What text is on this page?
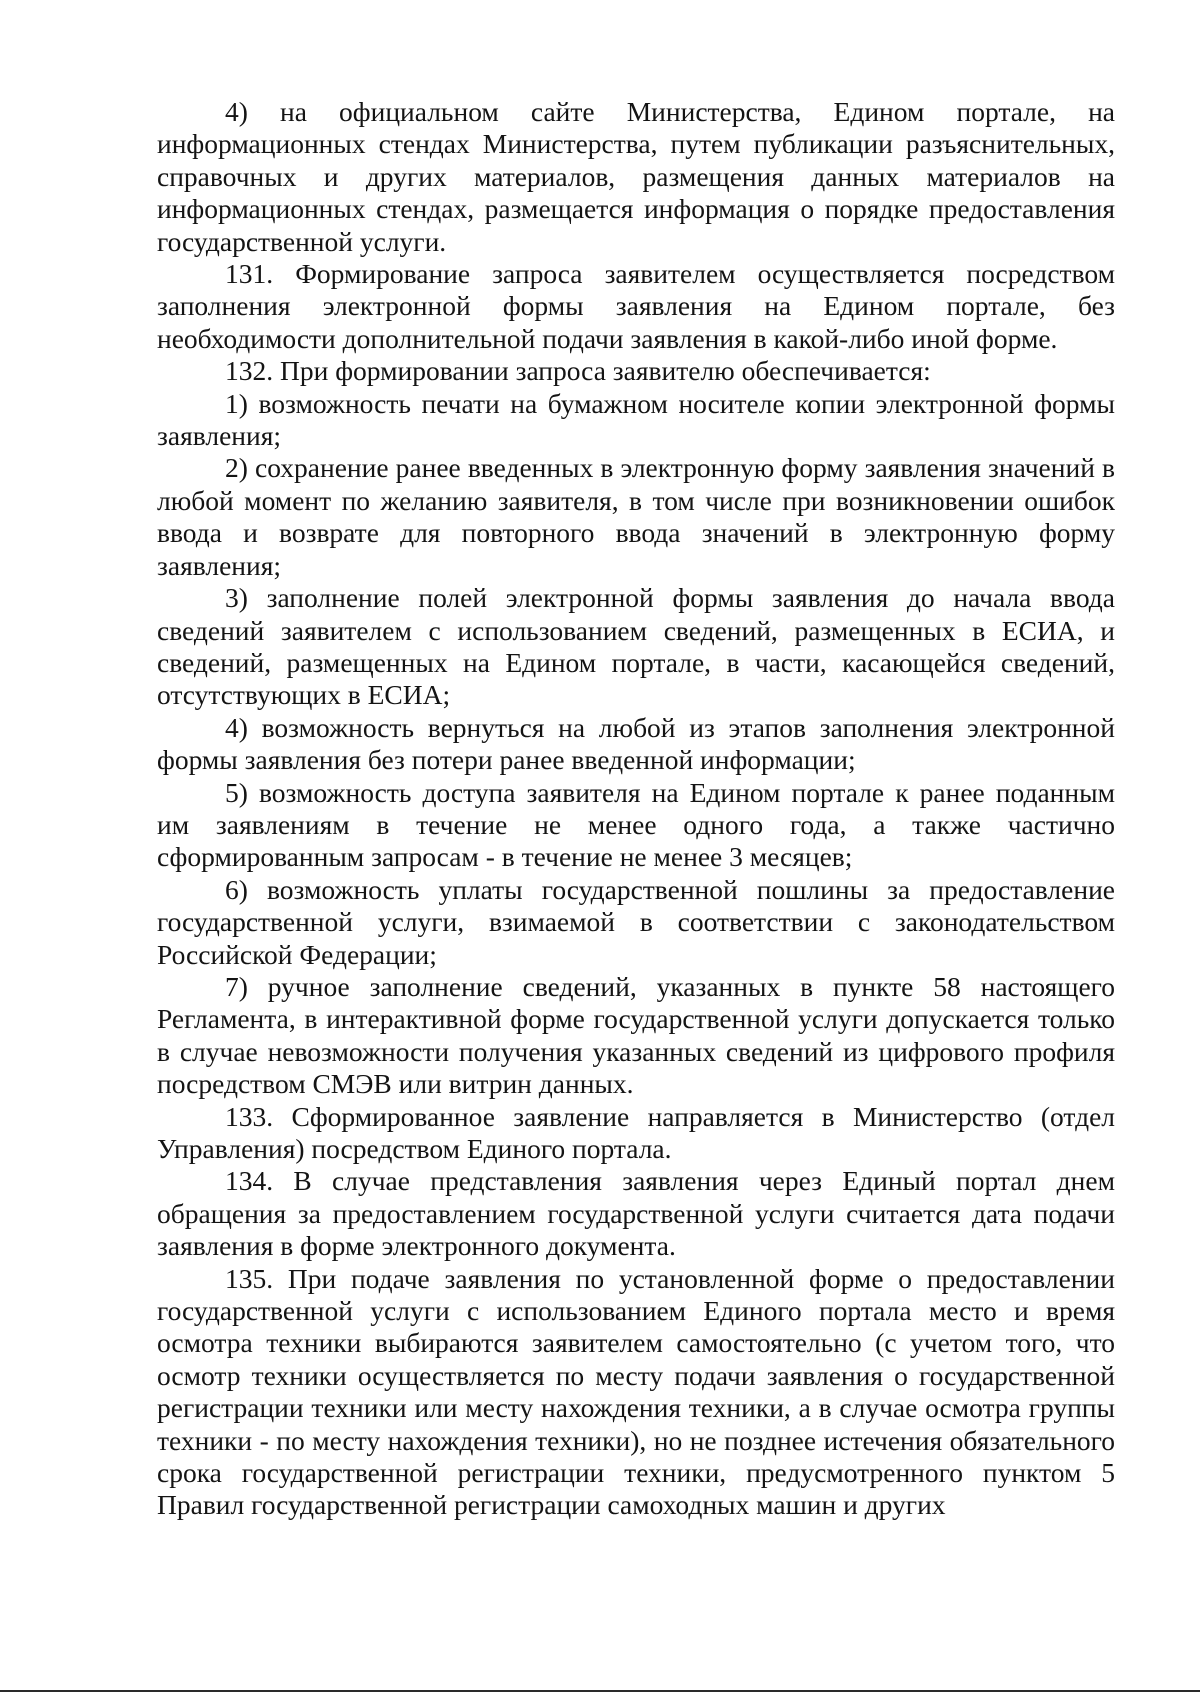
4) на официальном сайте Министерства, Едином портале, на информационных стендах Министерства, путем публикации разъяснительных, справочных и других материалов, размещения данных материалов на информационных стендах, размещается информация о порядке предоставления государственной услуги.

131. Формирование запроса заявителем осуществляется посредством заполнения электронной формы заявления на Едином портале, без необходимости дополнительной подачи заявления в какой-либо иной форме.

132. При формировании запроса заявителю обеспечивается:

1) возможность печати на бумажном носителе копии электронной формы заявления;

2) сохранение ранее введенных в электронную форму заявления значений в любой момент по желанию заявителя, в том числе при возникновении ошибок ввода и возврате для повторного ввода значений в электронную форму заявления;

3) заполнение полей электронной формы заявления до начала ввода сведений заявителем с использованием сведений, размещенных в ЕСИА, и сведений, размещенных на Едином портале, в части, касающейся сведений, отсутствующих в ЕСИА;

4) возможность вернуться на любой из этапов заполнения электронной формы заявления без потери ранее введенной информации;

5) возможность доступа заявителя на Едином портале к ранее поданным им заявлениям в течение не менее одного года, а также частично сформированным запросам - в течение не менее 3 месяцев;

6) возможность уплаты государственной пошлины за предоставление государственной услуги, взимаемой в соответствии с законодательством Российской Федерации;

7) ручное заполнение сведений, указанных в пункте 58 настоящего Регламента, в интерактивной форме государственной услуги допускается только в случае невозможности получения указанных сведений из цифрового профиля посредством СМЭВ или витрин данных.

133. Сформированное заявление направляется в Министерство (отдел Управления) посредством Единого портала.

134. В случае представления заявления через Единый портал днем обращения за предоставлением государственной услуги считается дата подачи заявления в форме электронного документа.

135. При подаче заявления по установленной форме о предоставлении государственной услуги с использованием Единого портала место и время осмотра техники выбираются заявителем самостоятельно (с учетом того, что осмотр техники осуществляется по месту подачи заявления о государственной регистрации техники или месту нахождения техники, а в случае осмотра группы техники - по месту нахождения техники), но не позднее истечения обязательного срока государственной регистрации техники, предусмотренного пунктом 5 Правил государственной регистрации самоходных машин и других
